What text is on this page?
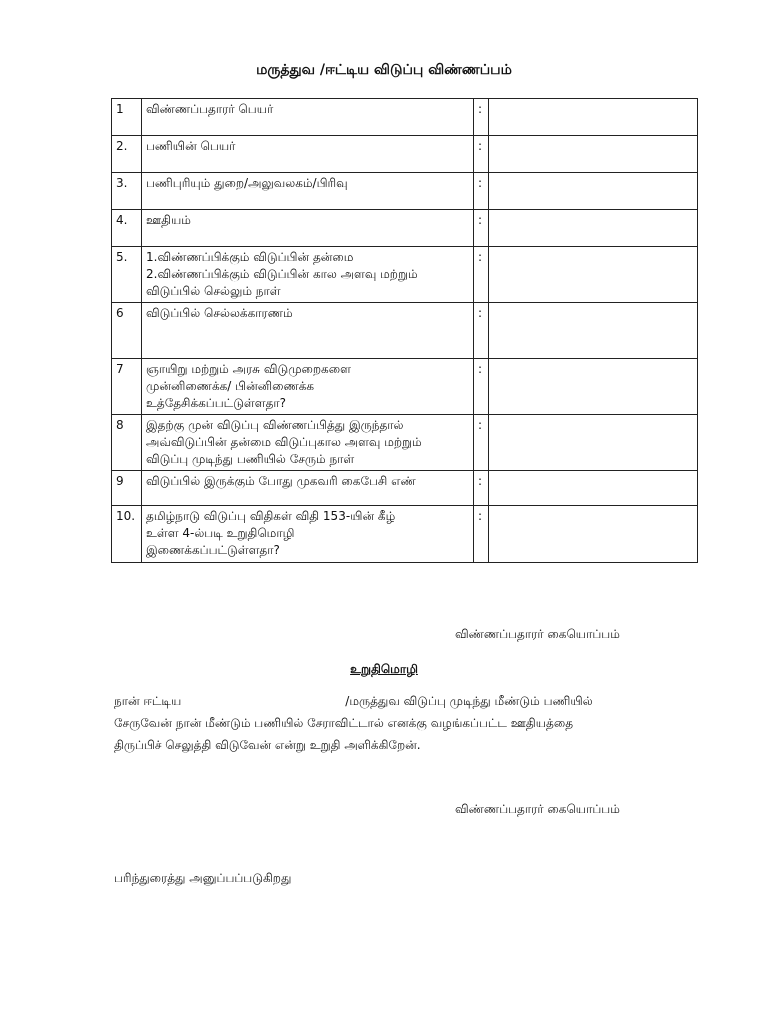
மருத்துவ /ஈட்டிய விடுப்பு விண்ணப்பம்
1	விண்ணப்பதாரர் பெயர்	:	
2.	பணியின் பெயர்	:	
3.	பணிபுரியும் துறை/அலுவலகம்/பிரிவு	:	
4.	ஊதியம்	:	
5.	1.விண்ணப்பிக்கும் விடுப்பின் தன்மை
2.விண்ணப்பிக்கும் விடுப்பின் கால அளவு மற்றும்
விடுப்பில் செல்லும் நாள்	:	
6	விடுப்பில் செல்லக்காரணம்	:	
7	ஞாயிறு மற்றும் அரசு விடுமுறைகளை
முன்னிணைக்க/ பின்னிணைக்க
உத்தேசிக்கப்பட்டுள்ளதா?	:	
8	இதற்கு முன் விடுப்பு விண்ணப்பித்து இருந்தால்
அவ்விடுப்பின் தன்மை விடுப்புகால அளவு மற்றும்
விடுப்பு முடிந்து பணியில் சேரும் நாள்	:	
9	விடுப்பில் இருக்கும் போது முகவரி கைபேசி எண்	:	
10.	தமிழ்நாடு விடுப்பு விதிகள் விதி 153-யின் கீழ்
உள்ள 4-ல்படி உறுதிமொழி
இணைக்கப்பட்டுள்ளதா?	:	
விண்ணப்பதாரர் கையொப்பம்
உறுதிமொழி
நான் ஈட்டிய	/மருத்துவ விடுப்பு முடிந்து மீண்டும் பணியில்
சேருவேன் நான் மீண்டும் பணியில் சேராவிட்டால் எனக்கு வழங்கப்பட்ட ஊதியத்தை
திருப்பிச் செலுத்தி விடுவேன் என்று உறுதி அளிக்கிறேன்.
விண்ணப்பதாரர் கையொப்பம்
பரிந்துரைத்து அனுப்பப்படுகிறது
